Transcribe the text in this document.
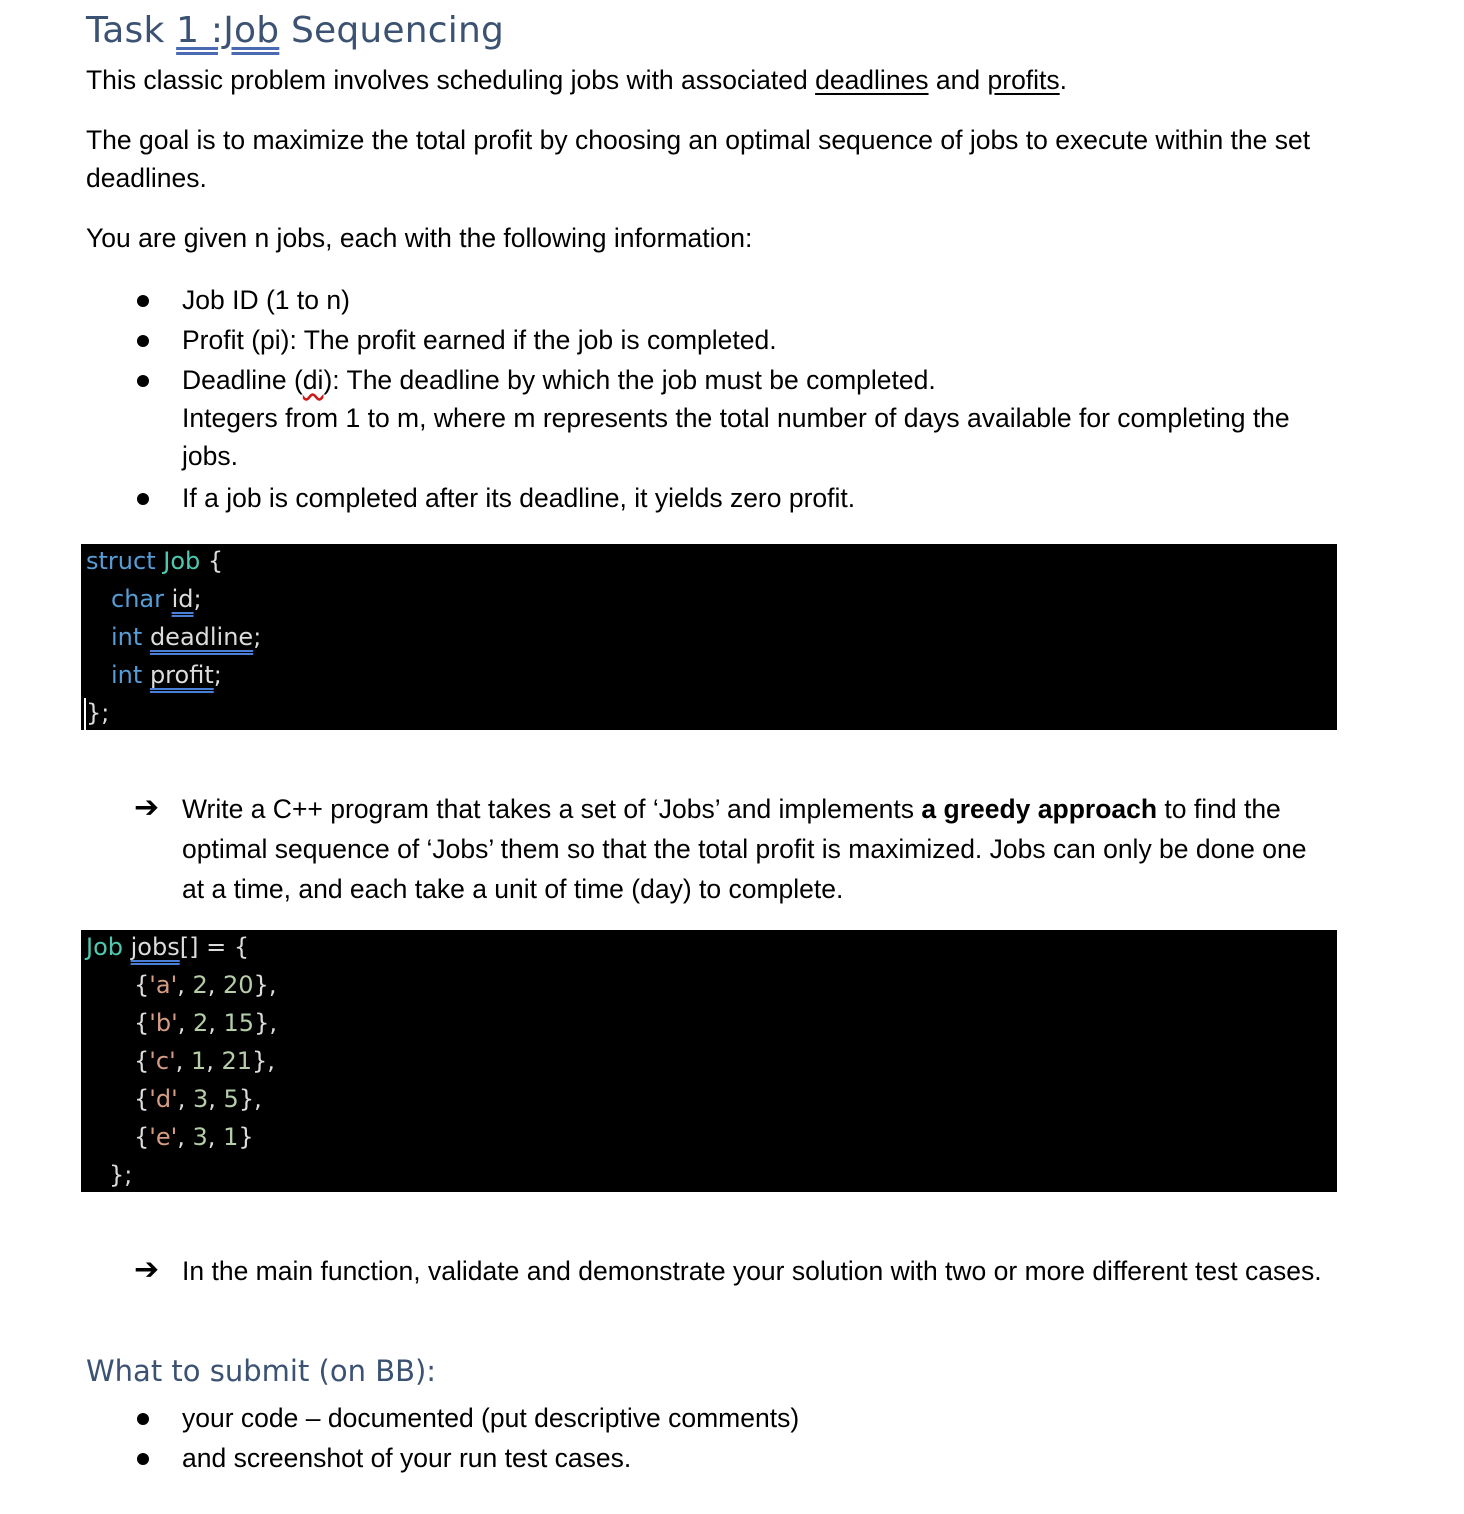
Task 1 :Job Sequencing

This classic problem involves scheduling jobs with associated deadlines and profits.

The goal is to maximize the total profit by choosing an optimal sequence of jobs to execute within the set deadlines.

You are given n jobs, each with the following information:

Job ID (1 to n)
Profit (pi): The profit earned if the job is completed.
Deadline (di): The deadline by which the job must be completed.
Integers from 1 to m, where m represents the total number of days available for completing the jobs.
If a job is completed after its deadline, it yields zero profit.
struct Job {
char id;
int deadline;
int profit;
};
➔ Write a C++ program that takes a set of ‘Jobs’ and implements a greedy approach to find the optimal sequence of ‘Jobs’ them so that the total profit is maximized. Jobs can only be done one at a time, and each take a unit of time (day) to complete.
Job jobs[] = {
{'a', 2, 20},
{'b', 2, 15},
{'c', 1, 21},
{'d', 3, 5},
{'e', 3, 1}
};
➔ In the main function, validate and demonstrate your solution with two or more different test cases.
What to submit (on BB):
your code – documented (put descriptive comments)
and screenshot of your run test cases.
